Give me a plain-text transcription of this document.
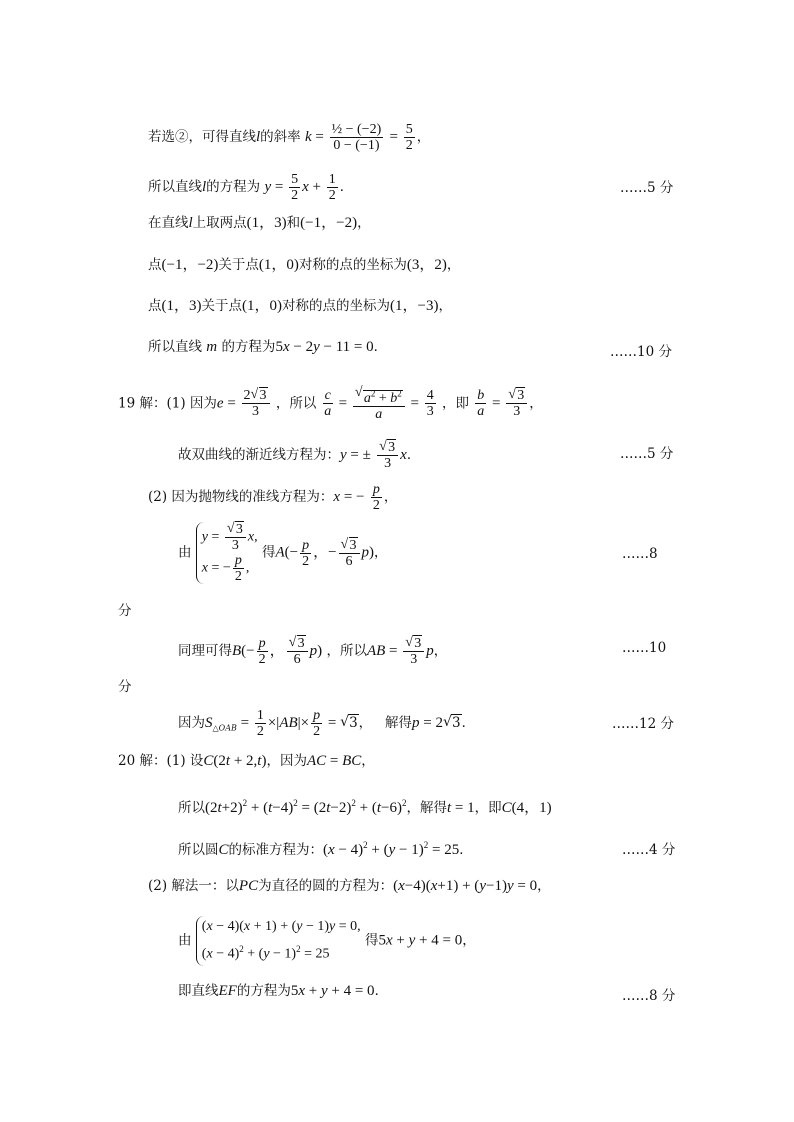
若选②，可得直线l的斜率 $k = \frac{\text{½ − (−2)}}{0 - (-1)} = \frac{5}{2}$ ，
所以直线l的方程为 $y = \frac{5}{2}$ $x + \frac{1}{2}$ ．	……5 分
在直线l上取两点(1，3)和(−1，−2)，
点(−1，−2)关于点(1，0)对称的点的坐标为(3，2)，
点(1，3)关于点(1，0)对称的点的坐标为(1，−3)，
所以直线 m 的方程为5x − 2y − 11 = 0．	……10 分
19 解：(1) 因为$e = \frac{2 √ 3}{3}$ ，所以 $\frac{c}{a}$ = √ $\frac{a^2 + b^2}{a} = \frac{4}{3}$ ，即 $\frac{b}{a}$ = √ $\frac{3}{3}$ ，
故双曲线的渐近线方程为：y = ± √ $\frac{3}{3}$ x．	……5 分
(2) 因为抛物线的准线方程为：x = − $\frac{p}{2}$ ，
由
y = √ $\frac{3}{3} x$,
x = − $\frac{p}{2}$ ,
得$A(- \frac{p}{2}$ ，− √ $\frac{3}{6} p$)，	……8
分
同理可得$B(- \frac{p}{2}$ ， √ $\frac{3}{6} p$) ，所以AB = √ $\frac{3}{3}$ p，	……10
分
因为$S_{\triangle OAB} = \frac{1}{2} \times|AB|\times \frac{p}{2}$ = √ 3，   解得p = 2 √ 3．	……12 分
20 解：(1) 设C(2t + 2,t)，因为AC = BC，
所以$(2t+2)^2 + (t-4)^2 = (2t-2)^2 + (t-6)^2$，解得t = 1，即C(4，1)
所以圆C的标准方程为：$(x - 4)^2 + (y - 1)^2 = 25$．	……4 分
(2) 解法一：以PC为直径的圆的方程为：(x−4)(x+1) + (y−1)y = 0，
由
(x − 4)(x + 1) + (y − 1)y = 0,
$(x - 4)^2 + (y - 1)^2 = 25$
得5x + y + 4 = 0，
即直线EF的方程为5x + y + 4 = 0．	……8 分
